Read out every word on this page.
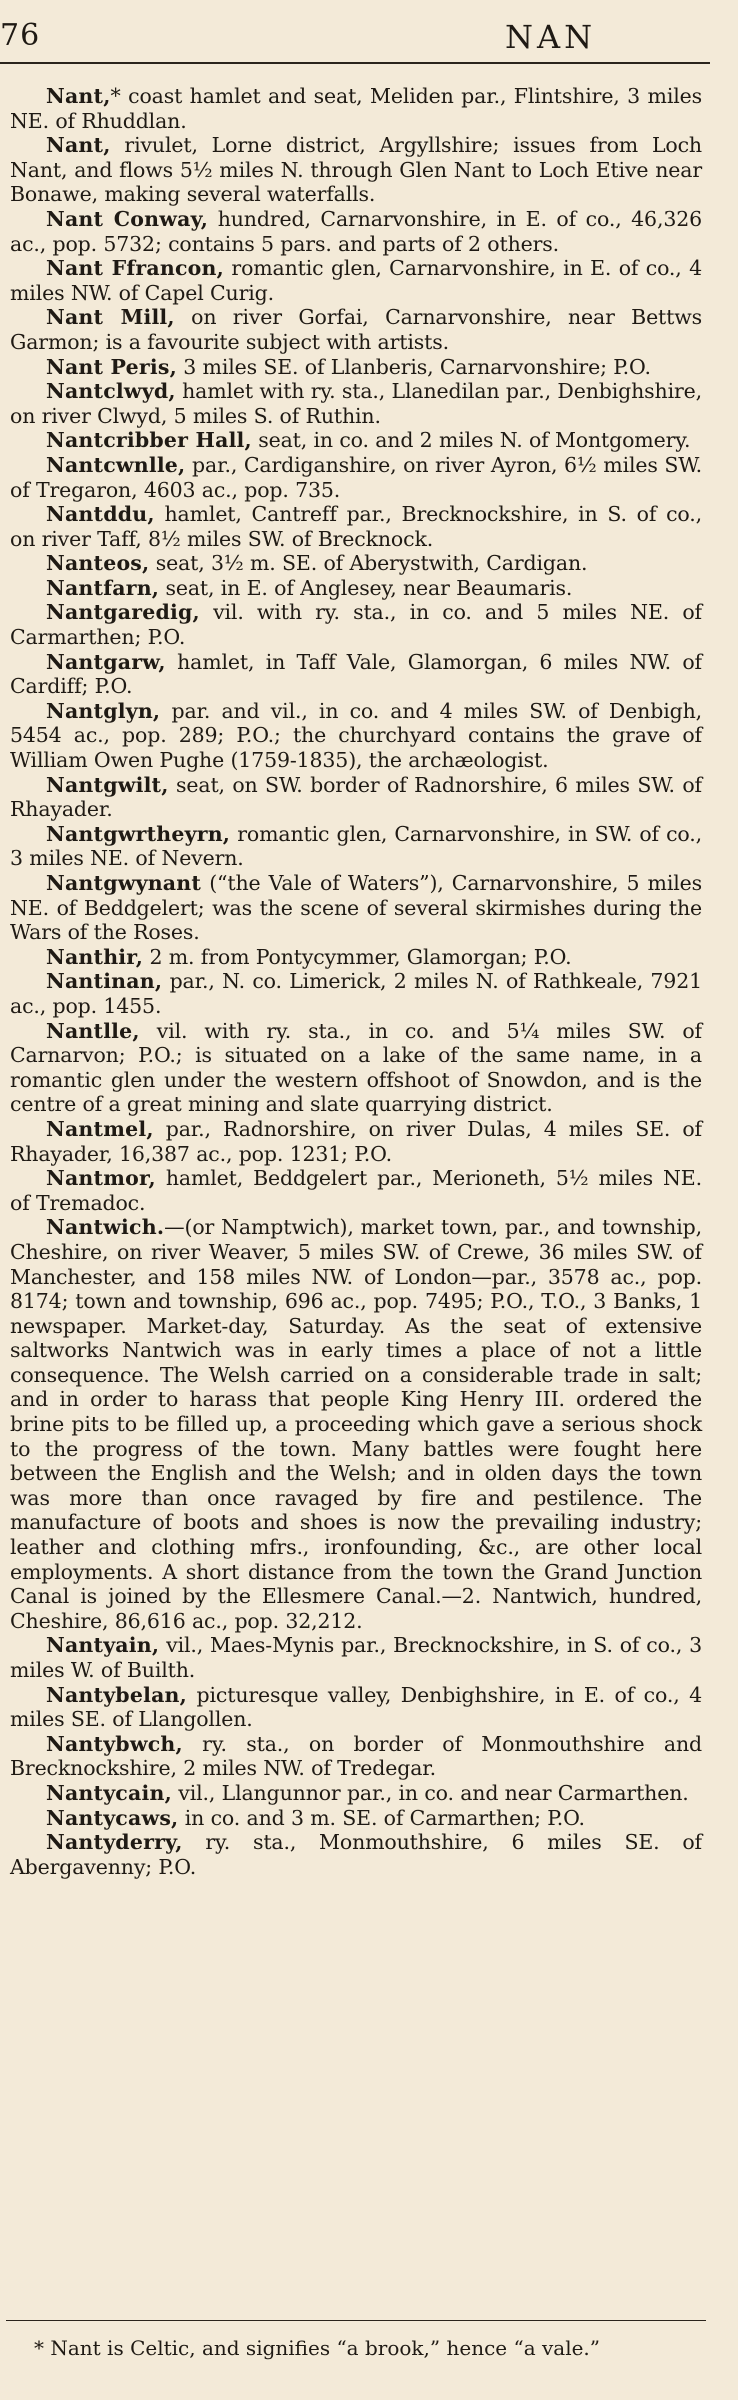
76	NAN

Nant,* coast hamlet and seat, Meliden par., Flintshire, 3 miles NE. of Rhuddlan.

Nant, rivulet, Lorne district, Argyllshire; issues from Loch Nant, and flows 5½ miles N. through Glen Nant to Loch Etive near Bonawe, making several waterfalls.

Nant Conway, hundred, Carnarvonshire, in E. of co., 46,326 ac., pop. 5732; contains 5 pars. and parts of 2 others.

Nant Ffrancon, romantic glen, Carnarvonshire, in E. of co., 4 miles NW. of Capel Curig.

Nant Mill, on river Gorfai, Carnarvonshire, near Bettws Garmon; is a favourite subject with artists.

Nant Peris, 3 miles SE. of Llanberis, Carnarvonshire; P.O.

Nantclwyd, hamlet with ry. sta., Llanedilan par., Denbighshire, on river Clwyd, 5 miles S. of Ruthin.

Nantcribber Hall, seat, in co. and 2 miles N. of Montgomery.

Nantcwnlle, par., Cardiganshire, on river Ayron, 6½ miles SW. of Tregaron, 4603 ac., pop. 735.

Nantddu, hamlet, Cantreff par., Brecknockshire, in S. of co., on river Taff, 8½ miles SW. of Brecknock.

Nanteos, seat, 3½ m. SE. of Aberystwith, Cardigan.

Nantfarn, seat, in E. of Anglesey, near Beaumaris.

Nantgaredig, vil. with ry. sta., in co. and 5 miles NE. of Carmarthen; P.O.

Nantgarw, hamlet, in Taff Vale, Glamorgan, 6 miles NW. of Cardiff; P.O.

Nantglyn, par. and vil., in co. and 4 miles SW. of Denbigh, 5454 ac., pop. 289; P.O.; the churchyard contains the grave of William Owen Pughe (1759-1835), the archæologist.

Nantgwilt, seat, on SW. border of Radnorshire, 6 miles SW. of Rhayader.

Nantgwrtheyrn, romantic glen, Carnarvonshire, in SW. of co., 3 miles NE. of Nevern.

Nantgwynant (“the Vale of Waters”), Carnarvonshire, 5 miles NE. of Beddgelert; was the scene of several skirmishes during the Wars of the Roses.

Nanthir, 2 m. from Pontycymmer, Glamorgan; P.O.

Nantinan, par., N. co. Limerick, 2 miles N. of Rathkeale, 7921 ac., pop. 1455.

Nantlle, vil. with ry. sta., in co. and 5¼ miles SW. of Carnarvon; P.O.; is situated on a lake of the same name, in a romantic glen under the western offshoot of Snowdon, and is the centre of a great mining and slate quarrying district.

Nantmel, par., Radnorshire, on river Dulas, 4 miles SE. of Rhayader, 16,387 ac., pop. 1231; P.O.

Nantmor, hamlet, Beddgelert par., Merioneth, 5½ miles NE. of Tremadoc.

Nantwich.—(or Namptwich), market town, par., and township, Cheshire, on river Weaver, 5 miles SW. of Crewe, 36 miles SW. of Manchester, and 158 miles NW. of London—par., 3578 ac., pop. 8174; town and township, 696 ac., pop. 7495; P.O., T.O., 3 Banks, 1 newspaper. Market-day, Saturday. As the seat of extensive saltworks Nantwich was in early times a place of not a little consequence. The Welsh carried on a considerable trade in salt; and in order to harass that people King Henry III. ordered the brine pits to be filled up, a proceeding which gave a serious shock to the progress of the town. Many battles were fought here between the English and the Welsh; and in olden days the town was more than once ravaged by fire and pestilence. The manufacture of boots and shoes is now the prevailing industry; leather and clothing mfrs., ironfounding, &c., are other local employments. A short distance from the town the Grand Junction Canal is joined by the Ellesmere Canal.—2. Nantwich, hundred, Cheshire, 86,616 ac., pop. 32,212.

Nantyain, vil., Maes-Mynis par., Brecknockshire, in S. of co., 3 miles W. of Builth.

Nantybelan, picturesque valley, Denbighshire, in E. of co., 4 miles SE. of Llangollen.

Nantybwch, ry. sta., on border of Monmouthshire and Brecknockshire, 2 miles NW. of Tredegar.

Nantycain, vil., Llangunnor par., in co. and near Carmarthen.

Nantycaws, in co. and 3 m. SE. of Carmarthen; P.O.

Nantyderry, ry. sta., Monmouthshire, 6 miles SE. of Abergavenny; P.O.

* Nant is Celtic, and signifies “a brook,” hence “a vale.”
